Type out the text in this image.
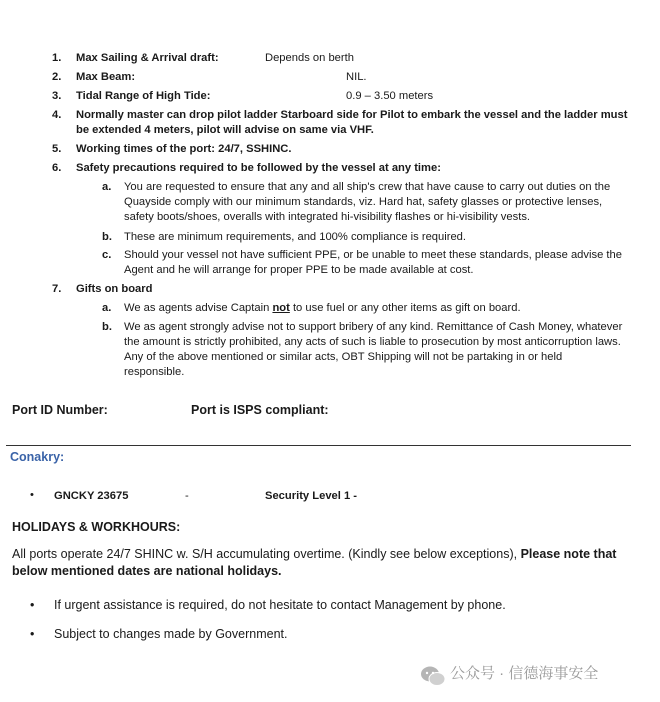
1. Max Sailing & Arrival draft:	Depends on berth
2. Max Beam:	NIL.
3. Tidal Range of High Tide:	0.9 – 3.50 meters
4. Normally master can drop pilot ladder Starboard side for Pilot to embark the vessel and the ladder must be extended 4 meters, pilot will advise on same via VHF.
5. Working times of the port: 24/7, SSHINC.
6. Safety precautions required to be followed by the vessel at any time:
a. You are requested to ensure that any and all ship's crew that have cause to carry out duties on the Quayside comply with our minimum standards, viz. Hard hat, safety glasses or protective lenses, safety boots/shoes, overalls with integrated hi-visibility flashes or hi-visibility vests.
b. These are minimum requirements, and 100% compliance is required.
c. Should your vessel not have sufficient PPE, or be unable to meet these standards, please advise the Agent and he will arrange for proper PPE to be made available at cost.
7. Gifts on board
a. We as agents advise Captain not to use fuel or any other items as gift on board.
b. We as agent strongly advise not to support bribery of any kind. Remittance of Cash Money, whatever the amount is strictly prohibited, any acts of such is liable to prosecution by most anticorruption laws. Any of the above mentioned or similar acts, OBT Shipping will not be partaking in or held responsible.
Port ID Number:	Port is ISPS compliant:
Conakry:
• GNCKY 23675	-	Security Level 1 -
HOLIDAYS & WORKHOURS:
All ports operate 24/7 SHINC w. S/H accumulating overtime. (Kindly see below exceptions), Please note that below mentioned dates are national holidays.
• If urgent assistance is required, do not hesitate to contact Management by phone.
• Subject to changes made by Government.
公众号 · 信德海事安全
